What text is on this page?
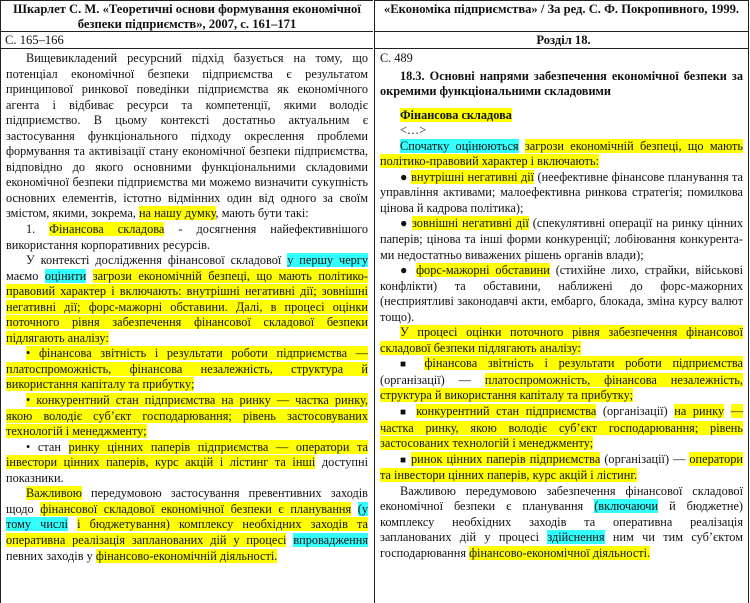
Шкарлет С. М. «Теоретичні основи формування економічної безпеки підприємств», 2007, с. 161–171
С. 165–166

Вищевикладений ресурсний підхід базується на тому, що потенціал економічної безпеки підприємства є результатом принципової ринкової поведінки підприємства як економічного агента і відбиває ресурси та компетенції, якими володіє підприємство. В цьому контексті достатньо актуальним є застосування функціонального підходу окреслення проблеми формування та активізації стану економічної безпеки підприємства, відповідно до якого основними функціональними складовими економічної безпеки підприємства ми можемо визначити сукупність основних елементів, істотно відмінних один від одного за своїм змістом, якими, зокрема, на нашу думку, мають бути такі:

1. Фінансова складова - досягнення найефективнішого використання корпоративних ресурсів.

У контексті дослідження фінансової складової у першу чергу маємо оцінити загрози економічній безпеці, що мають політико-правовий характер і включають: внутрішні негативні дії; зовнішні негативні дії; форс-мажорні обставини. Далі, в процесі оцінки поточного рівня забезпечення фінансової складової безпеки підлягають аналізу:

• фінансова звітність і результати роботи підприємства — платоспроможність, фінансова незалежність, структура й використання капіталу та прибутку;

• конкурентний стан підприємства на ринку — частка ринку, якою володіє суб’єкт господарювання; рівень застосовуваних технологій і менеджменту;

• стан ринку цінних паперів підприємства — оператори та інвестори цінних паперів, курс акцій і лістинг та інші доступні показники.

Важливою передумовою застосування превентивних заходів щодо фінансової складової економічної безпеки є планування (у тому числі і бюджетування) комплексу необхідних заходів та оперативна реалізація запланованих дій у процесі впровадження певних заходів у фінансово-економічній діяльності.

«Економіка підприємства» / За ред. С. Ф. Покропивного, 1999.
Розділ 18.

С. 489

18.3. Основні напрями забезпечення економічної безпеки за окремими функціональними складовими

Фінансова складова

<…>

Спочатку оцінюються загрози економічній безпеці, що мають політико-правовий характер і включають:

● внутрішні негативні дії (неефективне фінансове планування та управління активами; малоефективна ринкова стратегія; помилкова цінова й кадрова політика);

● зовнішні негативні дії (спекулятивні операції на ринку цінних паперів; цінова та інші форми конкуренції; лобіювання конкурента-ми недостатньо виважених рішень органів влади);

● форс-мажорні обставини (стихійне лихо, страйки, військові конфлікти) та обставини, наближені до форс-мажорних (несприятливі законодавчі акти, ембарго, блокада, зміна курсу валют тощо).

У процесі оцінки поточного рівня забезпечення фінансової складової безпеки підлягають аналізу:

■ фінансова звітність і результати роботи підприємства (організації) — платоспроможність, фінансова незалежність, структура й використання капіталу та прибутку;

■ конкурентний стан підприємства (організації) на ринку — частка ринку, якою володіє суб’єкт господарювання; рівень застосованих технологій і менеджменту;

■ ринок цінних паперів підприємства (організації) — оператори та інвестори цінних паперів, курс акцій і лістинг.

Важливою передумовою забезпечення фінансової складової економічної безпеки є планування (включаючи й бюджетне) комплексу необхідних заходів та оперативна реалізація запланованих дій у процесі здійснення ним чи тим суб’єктом господарювання фінансово-економічної діяльності.
